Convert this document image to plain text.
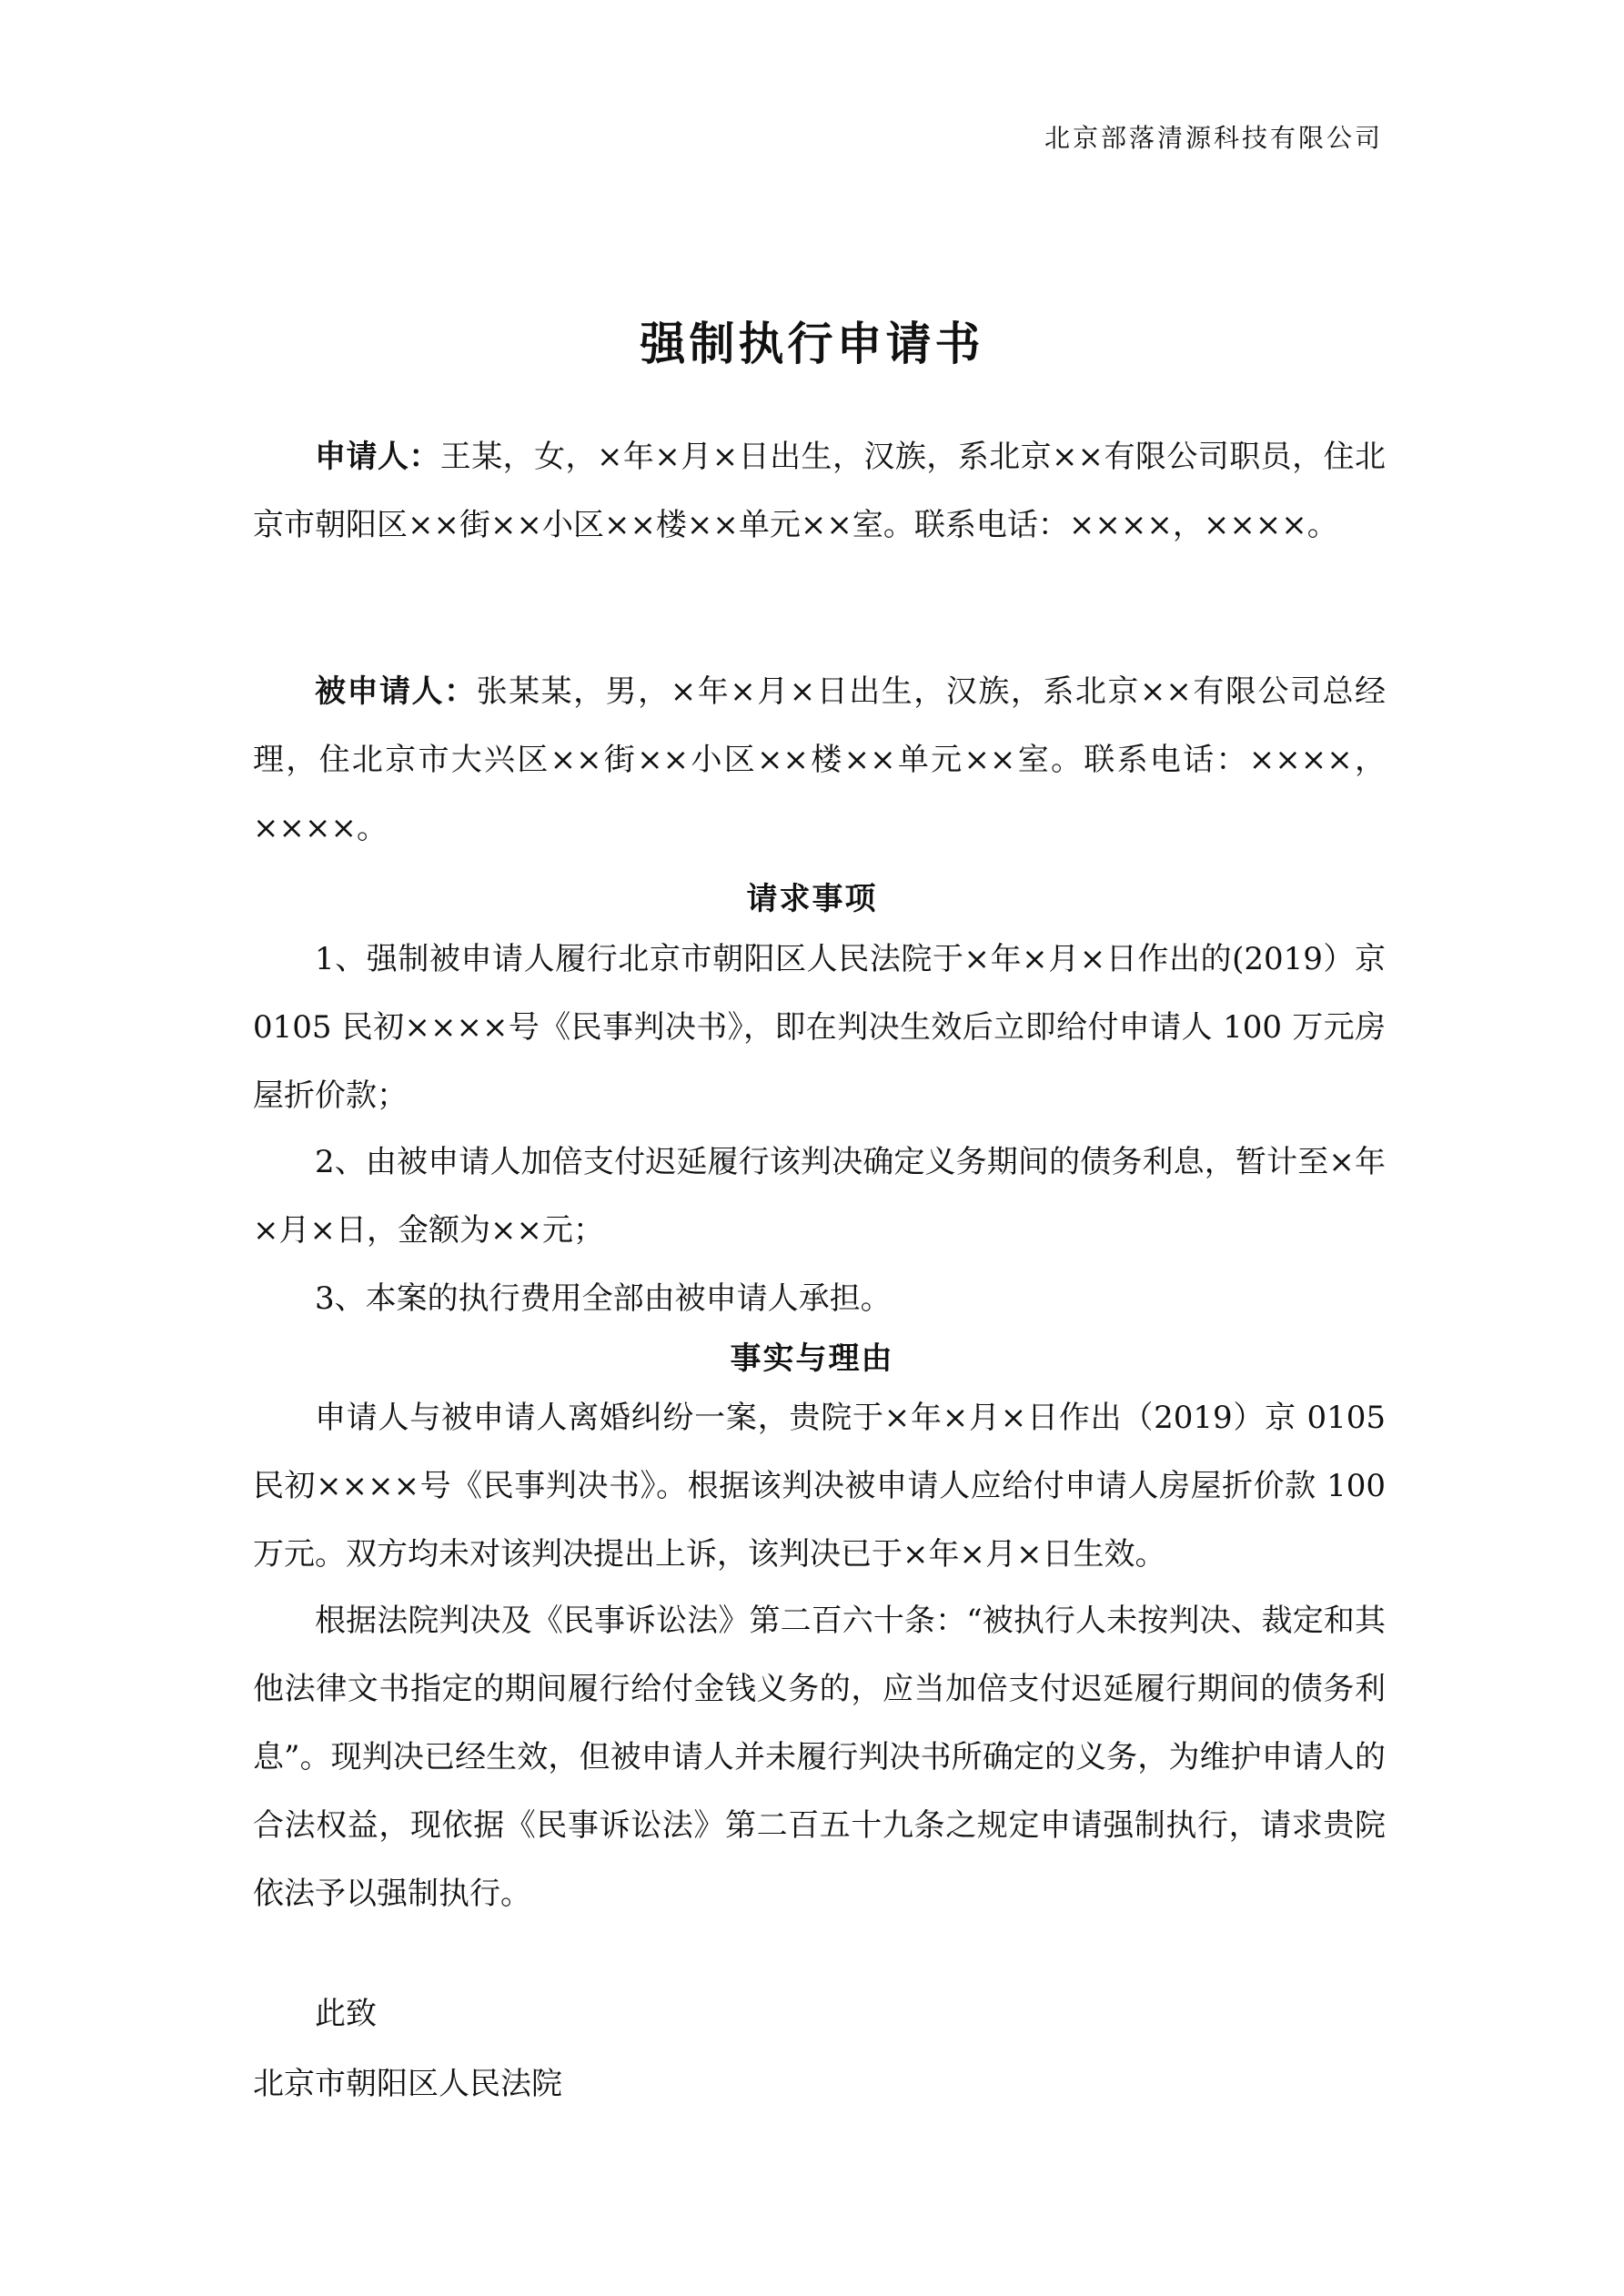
北京部落清源科技有限公司
强制执行申请书

申请人：王某，女，×年×月×日出生，汉族，系北京××有限公司职员，住北京市朝阳区××街××小区××楼××单元××室。联系电话：××××，××××。

被申请人：张某某，男，×年×月×日出生，汉族，系北京××有限公司总经理，住北京市大兴区××街××小区××楼××单元××室。联系电话：××××，××××。

请求事项

1、强制被申请人履行北京市朝阳区人民法院于×年×月×日作出的(2019）京 0105 民初××××号《民事判决书》，即在判决生效后立即给付申请人 100 万元房屋折价款；

2、由被申请人加倍支付迟延履行该判决确定义务期间的债务利息，暂计至×年×月×日，金额为××元；

3、本案的执行费用全部由被申请人承担。

事实与理由

申请人与被申请人离婚纠纷一案，贵院于×年×月×日作出（2019）京 0105 民初××××号《民事判决书》。根据该判决被申请人应给付申请人房屋折价款 100 万元。双方均未对该判决提出上诉，该判决已于×年×月×日生效。

根据法院判决及《民事诉讼法》第二百六十条：“被执行人未按判决、裁定和其他法律文书指定的期间履行给付金钱义务的，应当加倍支付迟延履行期间的债务利息”。现判决已经生效，但被申请人并未履行判决书所确定的义务，为维护申请人的合法权益，现依据《民事诉讼法》第二百五十九条之规定申请强制执行，请求贵院依法予以强制执行。

此致
北京市朝阳区人民法院
